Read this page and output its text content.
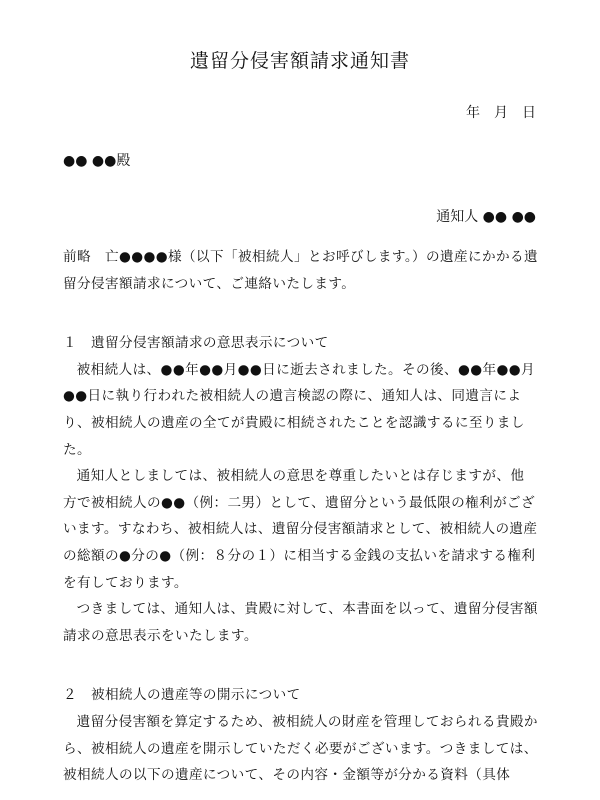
遺留分侵害額請求通知書
年　月　日
●● ●●殿
通知人 ●● ●●

前略　亡●●●●様（以下「被相続人」とお呼びします。）の遺産にかかる遺留分侵害額請求について、ご連絡いたします。

１　遺留分侵害額請求の意思表示について

被相続人は、●●年●●月●●日に逝去されました。その後、●●年●●月●●日に執り行われた被相続人の遺言検認の際に、通知人は、同遺言により、被相続人の遺産の全てが貴殿に相続されたことを認識するに至りました。

通知人としましては、被相続人の意思を尊重したいとは存じますが、他方で被相続人の●●（例：二男）として、遺留分という最低限の権利がございます。すなわち、被相続人は、遺留分侵害額請求として、被相続人の遺産の総額の●分の●（例：８分の１）に相当する金銭の支払いを請求する権利を有しております。

つきましては、通知人は、貴殿に対して、本書面を以って、遺留分侵害額請求の意思表示をいたします。

２　被相続人の遺産等の開示について

遺留分侵害額を算定するため、被相続人の財産を管理しておられる貴殿から、被相続人の遺産を開示していただく必要がございます。つきましては、被相続人の以下の遺産について、その内容・金額等が分かる資料（具体
